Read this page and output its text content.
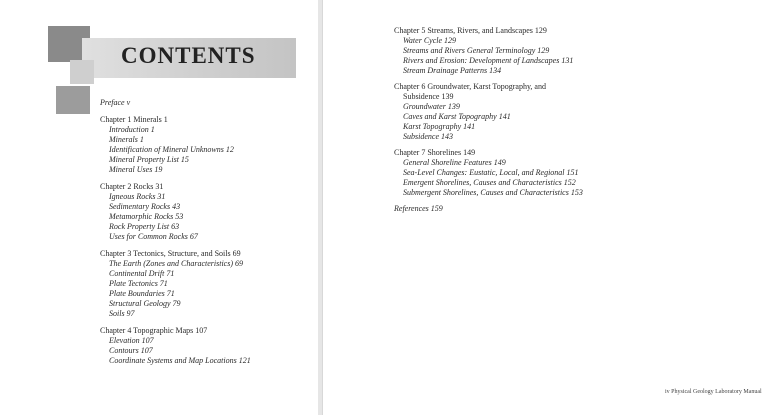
CONTENTS
Preface v
Chapter 1 Minerals 1
Introduction 1
Minerals 1
Identification of Mineral Unknowns 12
Mineral Property List 15
Mineral Uses 19
Chapter 2 Rocks 31
Igneous Rocks 31
Sedimentary Rocks 43
Metamorphic Rocks 53
Rock Property List 63
Uses for Common Rocks 67
Chapter 3 Tectonics, Structure, and Soils 69
The Earth (Zones and Characteristics) 69
Continental Drift 71
Plate Tectonics 71
Plate Boundaries 71
Structural Geology 79
Soils 97
Chapter 4 Topographic Maps 107
Elevation 107
Contours 107
Coordinate Systems and Map Locations 121
iv Physical Geology Laboratory Manual
Chapter 5 Streams, Rivers, and Landscapes 129
Water Cycle 129
Streams and Rivers General Terminology 129
Rivers and Erosion: Development of Landscapes 131
Stream Drainage Patterns 134
Chapter 6 Groundwater, Karst Topography, and
Subsidence 139
Groundwater 139
Caves and Karst Topography 141
Karst Topography 141
Subsidence 143
Chapter 7 Shorelines 149
General Shoreline Features 149
Sea-Level Changes: Eustatic, Local, and Regional 151
Emergent Shorelines, Causes and Characteristics 152
Submergent Shorelines, Causes and Characteristics 153
References 159
